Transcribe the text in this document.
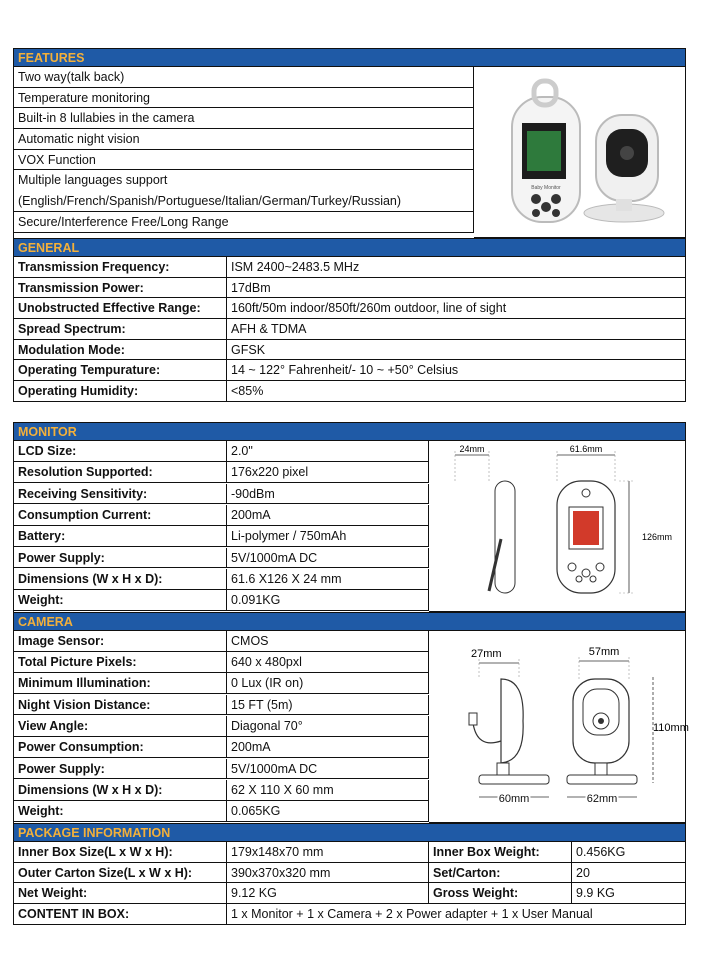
FEATURES
Two way(talk back)
Temperature monitoring
Built-in 8 lullabies in the camera
Automatic night vision
VOX Function
Multiple languages support
(English/French/Spanish/Portuguese/Italian/German/Turkey/Russian)
Secure/Interference Free/Long Range
Baby Monitor
GENERAL
Transmission Frequency:	ISM 2400~2483.5 MHz
Transmission Power:	17dBm
Unobstructed Effective Range:	160ft/50m indoor/850ft/260m outdoor, line of sight
Spread Spectrum:	AFH & TDMA
Modulation Mode:	GFSK
Operating Tempurature:	14 ~ 122° Fahrenheit/- 10 ~ +50° Celsius
Operating Humidity:	<85%
MONITOR
LCD Size:	2.0"
Resolution Supported:	176x220 pixel
Receiving Sensitivity:	-90dBm
Consumption Current:	200mA
Battery:	Li-polymer / 750mAh
Power Supply:	5V/1000mA DC
Dimensions (W x H x D):	61.6 X126 X 24 mm
Weight:	0.091KG
24mm	61.6mm
126mm
CAMERA
Image Sensor:	CMOS
Total Picture Pixels:	640 x 480pxl
Minimum Illumination:	0 Lux (IR on)
Night Vision Distance:	15 FT (5m)
View Angle:	Diagonal 70°
Power Consumption:	200mA
Power Supply:	5V/1000mA DC
Dimensions (W x H x D):	62 X 110 X 60 mm
Weight:	0.065KG
27mm	57mm
110mm
60mm	62mm
PACKAGE INFORMATION
Inner Box Size(L x W x H):	179x148x70 mm	Inner Box Weight:	0.456KG
Outer Carton Size(L x W x H):	390x370x320 mm	Set/Carton:	20
Net Weight:	9.12 KG	Gross Weight:	9.9 KG
CONTENT IN BOX:	1 x Monitor + 1 x Camera + 2 x Power adapter + 1 x User Manual
